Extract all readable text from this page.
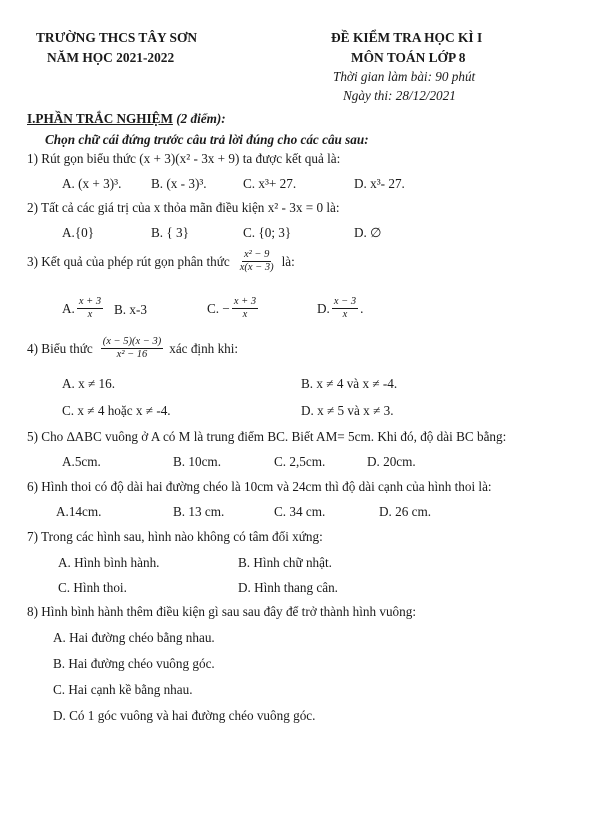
TRƯỜNG THCS TÂY SƠN
NĂM HỌC 2021-2022
ĐỀ KIỂM TRA HỌC KÌ I
MÔN TOÁN LỚP 8
Thời gian làm bài: 90 phút
Ngày thi: 28/12/2021
I.PHẦN TRẮC NGHIỆM (2 điểm):
Chọn chữ cái đứng trước câu trả lời đúng cho các câu sau:
1) Rút gọn biểu thức (x + 3)(x² - 3x + 9) ta được kết quả là:
A. (x + 3)³. B. (x - 3)³.	C. x³+ 27.	D. x³- 27.
2) Tất cả các giá trị của x thỏa mãn điều kiện x² - 3x = 0 là:
A.{0}	B. { 3}	C. {0; 3}	D. ∅
3) Kết quả của phép rút gọn phân thức $\frac{\text{x² − 9}}{x(x - 3)}$ là:
A. $\frac{x + 3}{x} B$. x-3	C. − $\frac{x + 3}{x}$	D. $\frac{x - 3}{x}$ .
4) Biểu thức $\frac{(x - 5)(x - 3)}{\text{x² − 16}}$ xác định khi:
A. x ≠ 16.	B. x ≠ 4 và x ≠ -4.
C. x ≠ 4 hoặc x ≠ -4.	D. x ≠ 5 và x ≠ 3.
5) Cho ∆ABC vuông ở A có M là trung điểm BC. Biết AM= 5cm. Khi đó, độ dài BC bằng:
A.5cm.	B. 10cm.	C. 2,5cm.	D. 20cm.
6) Hình thoi có độ dài hai đường chéo là 10cm và 24cm thì độ dài cạnh của hình thoi là:
A.14cm.	B. 13 cm.	C. 34 cm.	D. 26 cm.
7) Trong các hình sau, hình nào không có tâm đối xứng:
A. Hình bình hành.	B. Hình chữ nhật.
C. Hình thoi.	D. Hình thang cân.
8) Hình bình hành thêm điều kiện gì sau sau đây để trở thành hình vuông:
A. Hai đường chéo bằng nhau.
B. Hai đường chéo vuông góc.
C. Hai cạnh kề bằng nhau.
D. Có 1 góc vuông và hai đường chéo vuông góc.
